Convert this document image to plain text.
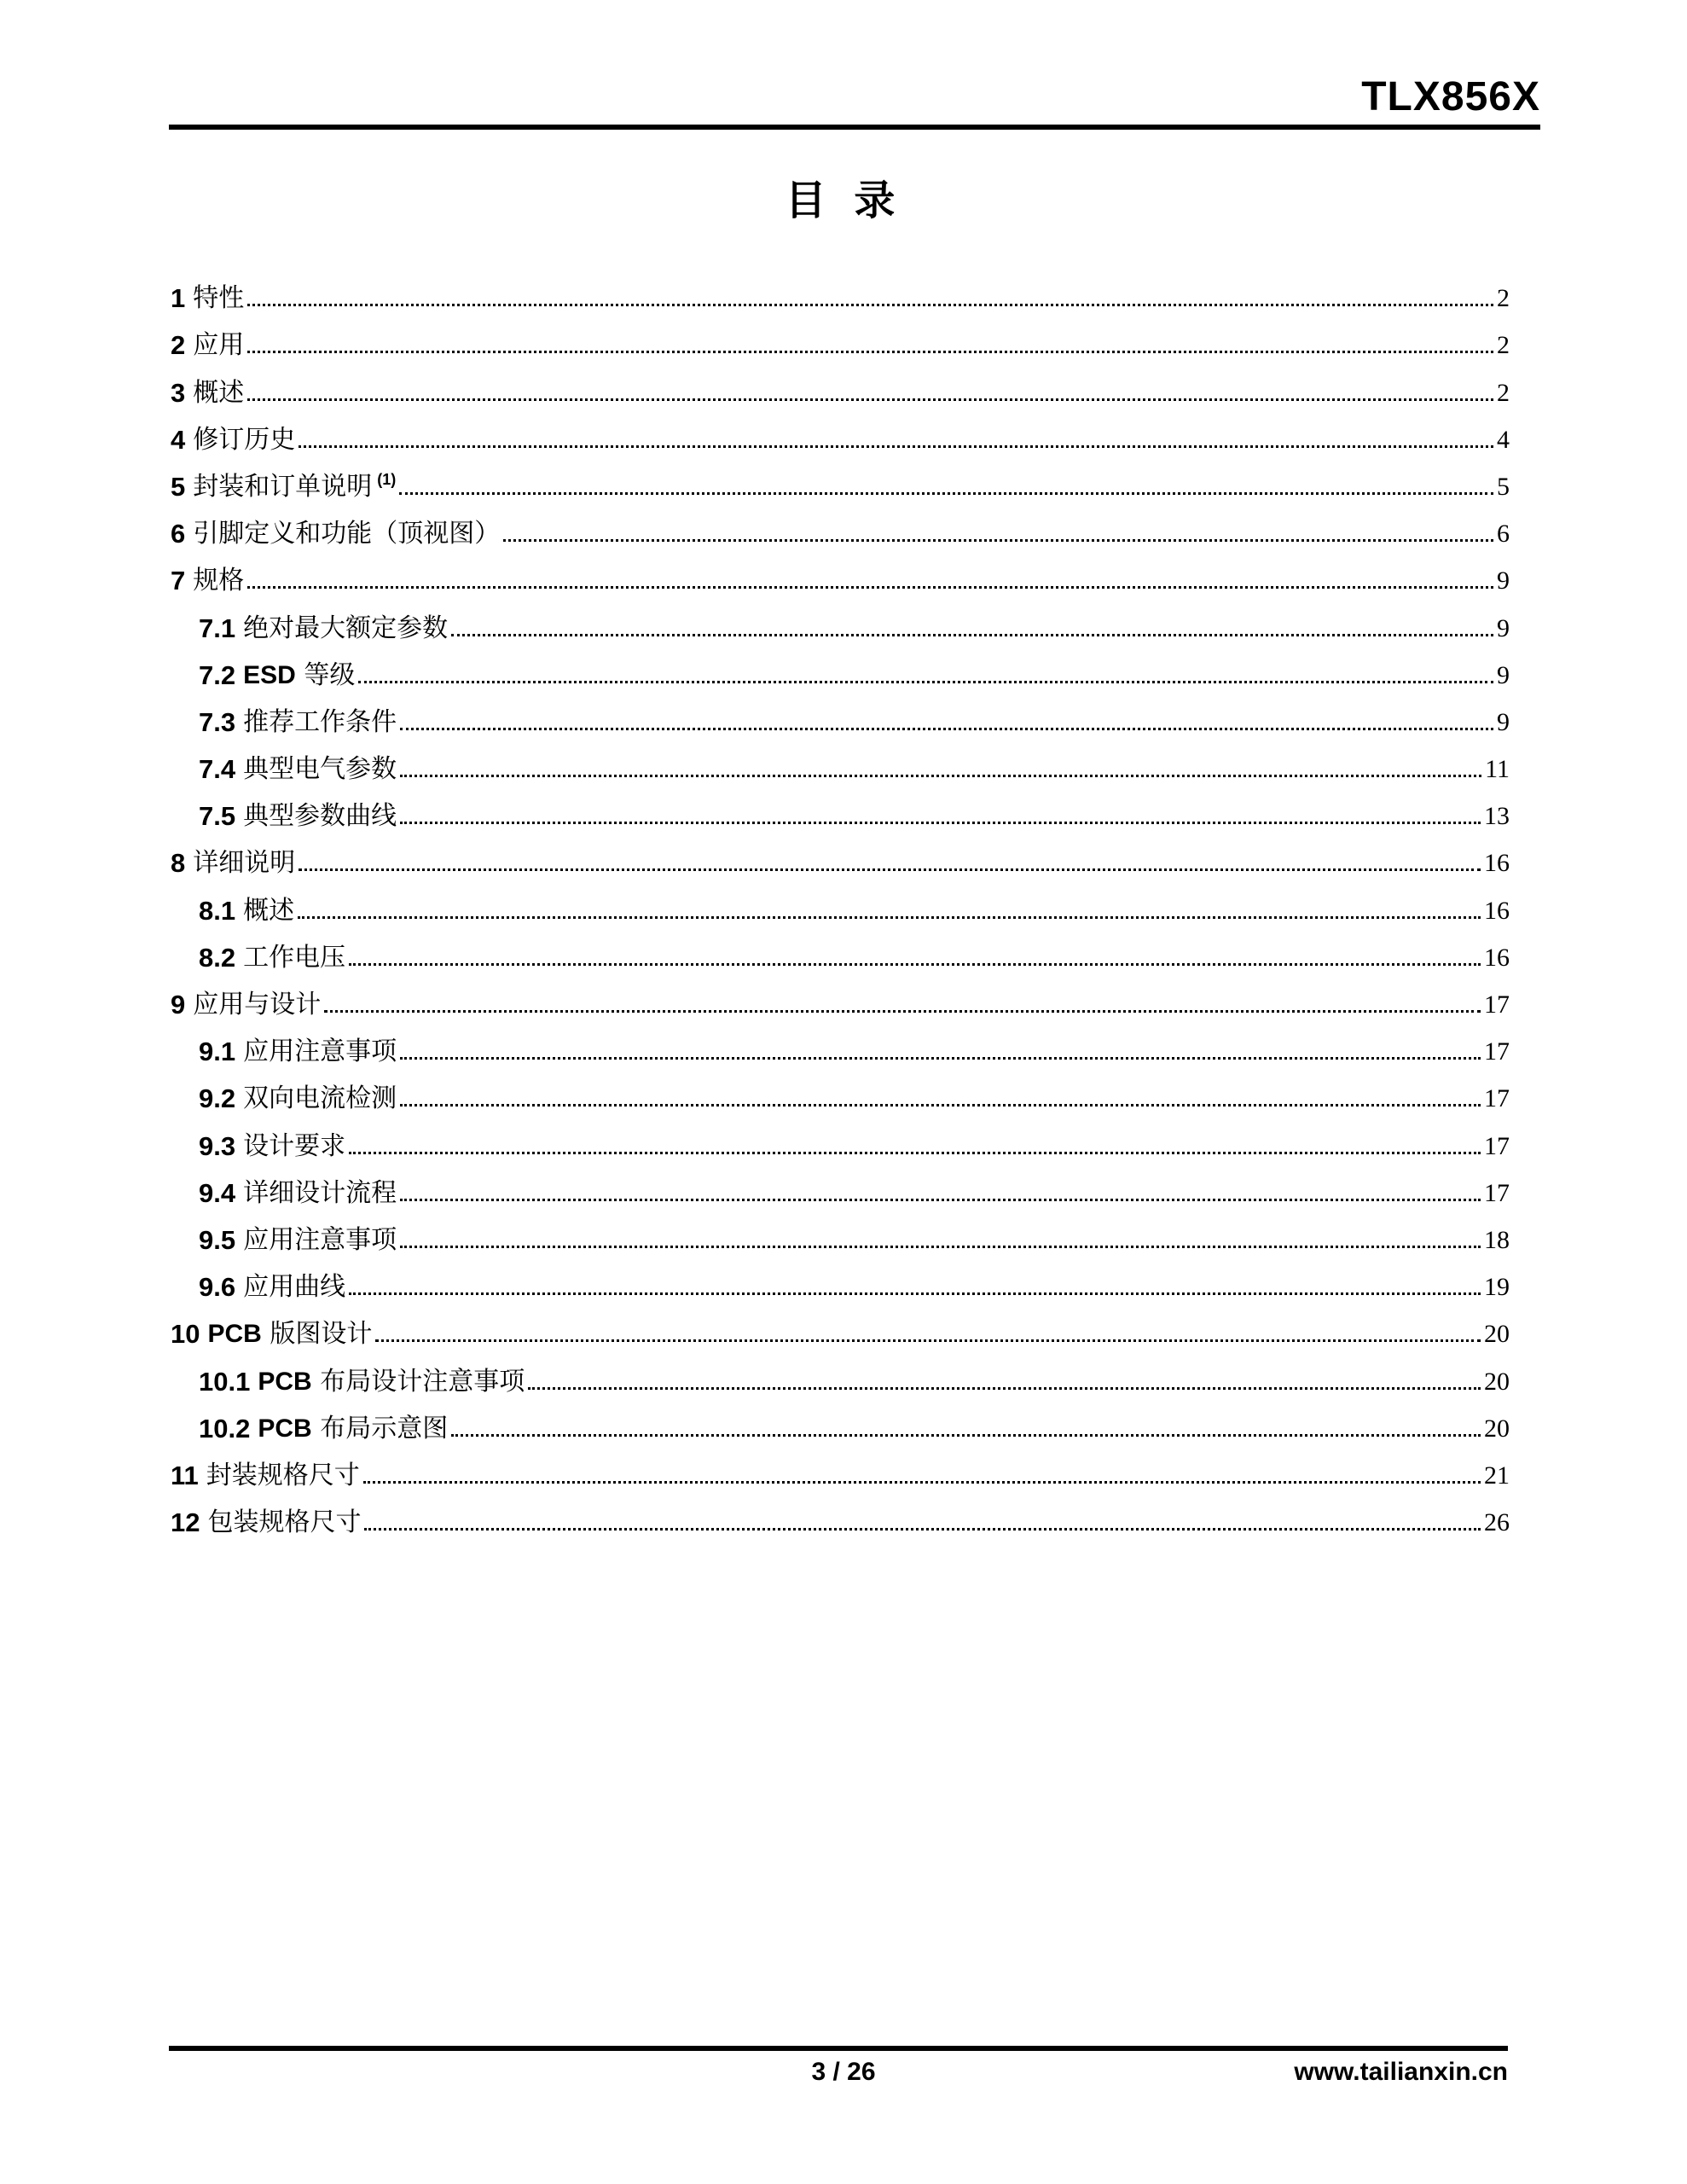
TLX856X
目 录
1 特性	2
2 应用	2
3 概述	2
4 修订历史	4
5 封装和订单说明 $^{(1)}$	5
6 引脚定义和功能（顶视图）	6
7 规格	9
7.1 绝对最大额定参数	9
7.2 ESD 等级	9
7.3 推荐工作条件	9
7.4 典型电气参数	11
7.5 典型参数曲线	13
8 详细说明	16
8.1 概述	16
8.2 工作电压	16
9 应用与设计	17
9.1 应用注意事项	17
9.2 双向电流检测	17
9.3 设计要求	17
9.4 详细设计流程	17
9.5 应用注意事项	18
9.6 应用曲线	19
10 PCB 版图设计	20
10.1 PCB 布局设计注意事项	20
10.2 PCB 布局示意图	20
11 封装规格尺寸	21
12 包装规格尺寸	26
3 / 26	www.tailianxin.cn
